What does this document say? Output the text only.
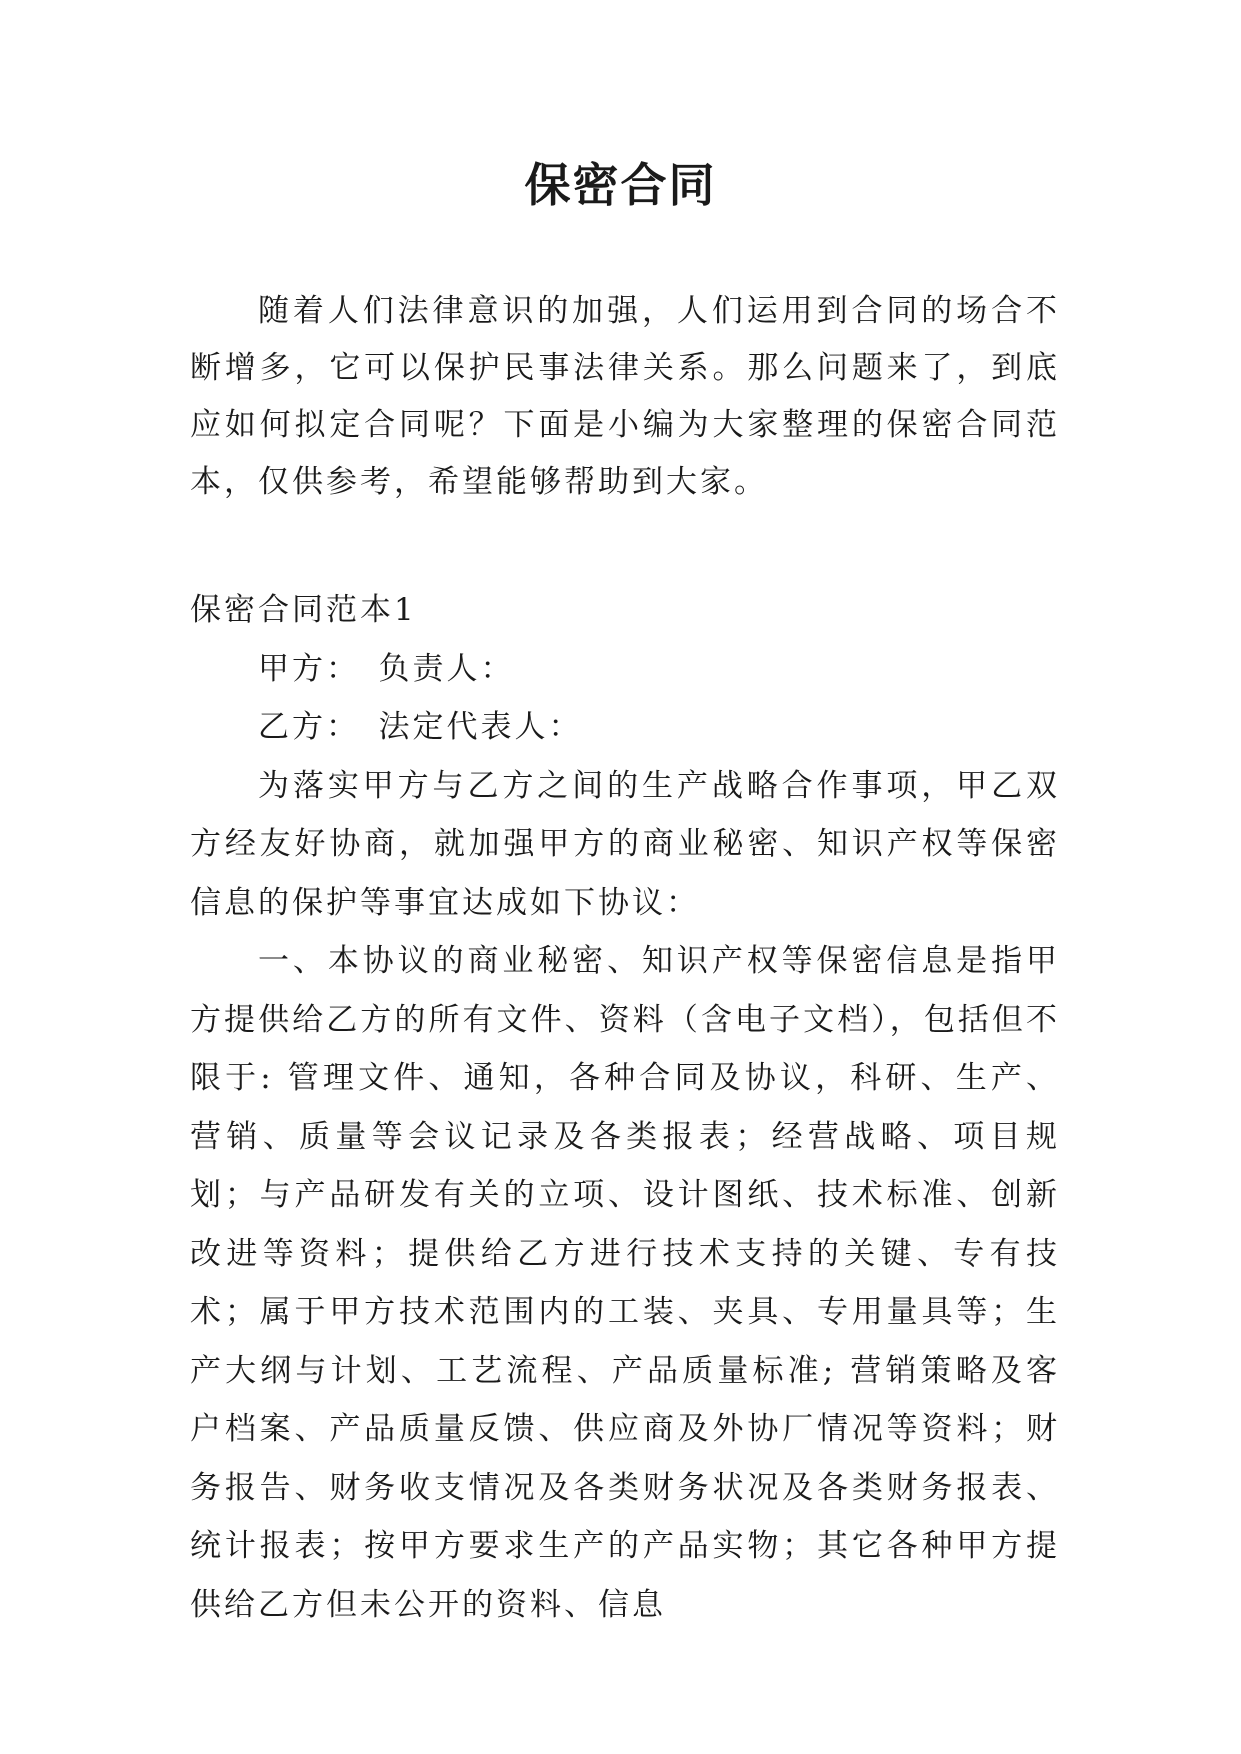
保密合同
随着人们法律意识的加强，人们运用到合同的场合不断增多，它可以保护民事法律关系。那么问题来了，到底应如何拟定合同呢？下面是小编为大家整理的保密合同范本，仅供参考，希望能够帮助到大家。

保密合同范本1

甲方：　负责人：

乙方：　法定代表人：

为落实甲方与乙方之间的生产战略合作事项，甲乙双方经友好协商，就加强甲方的商业秘密、知识产权等保密信息的保护等事宜达成如下协议：

一、本协议的商业秘密、知识产权等保密信息是指甲方提供给乙方的所有文件、资料（含电子文档），包括但不限于: 管理文件、通知，各种合同及协议，科研、生产、营销、质量等会议记录及各类报表；经营战略、项目规划；与产品研发有关的立项、设计图纸、技术标准、创新改进等资料；提供给乙方进行技术支持的关键、专有技术；属于甲方技术范围内的工装、夹具、专用量具等；生产大纲与计划、工艺流程、产品质量标准; 营销策略及客户档案、产品质量反馈、供应商及外协厂情况等资料；财务报告、财务收支情况及各类财务状况及各类财务报表、统计报表；按甲方要求生产的产品实物；其它各种甲方提供给乙方但未公开的资料、信息
